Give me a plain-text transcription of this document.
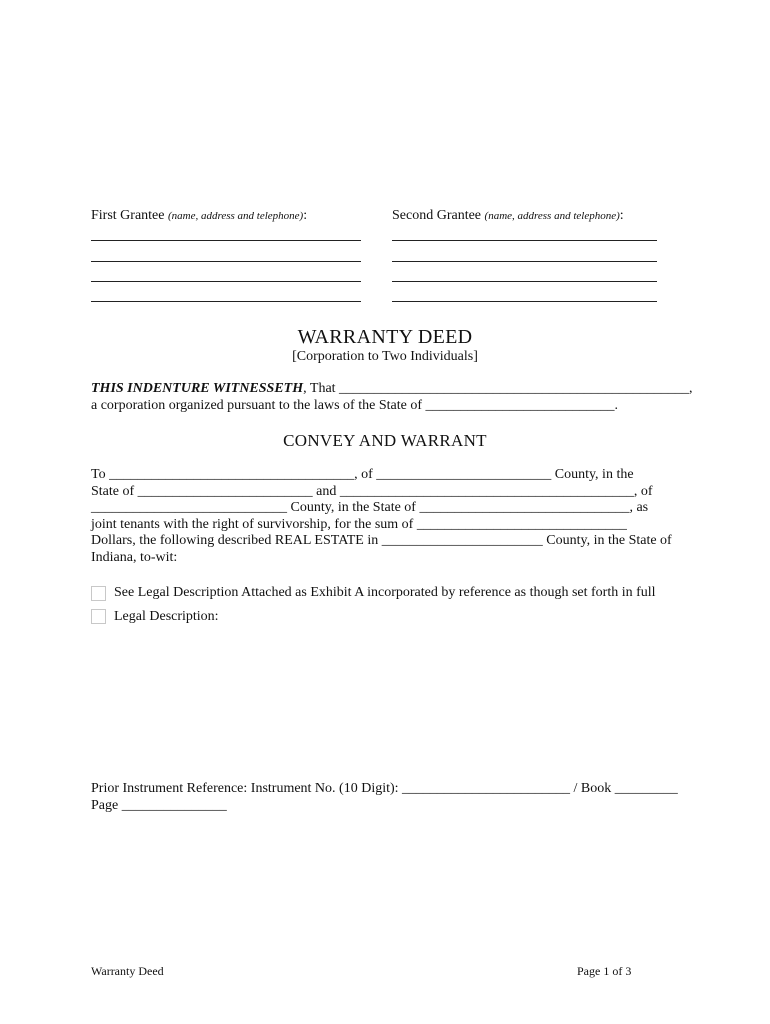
First Grantee (name, address and telephone):	Second Grantee (name, address and telephone):
WARRANTY DEED
[Corporation to Two Individuals]
THIS INDENTURE WITNESSETH, That __________________________________________________,
a corporation organized pursuant to the laws of the State of ___________________________.
CONVEY AND WARRANT
To ___________________________________, of _________________________ County, in the
State of _________________________ and __________________________________________, of
____________________________ County, in the State of ______________________________, as
joint tenants with the right of survivorship, for the sum of ______________________________
Dollars, the following described REAL ESTATE in _______________________ County, in the State of
Indiana, to-wit:
See Legal Description Attached as Exhibit A incorporated by reference as though set forth in full
Legal Description:
Prior Instrument Reference: Instrument No. (10 Digit): ________________________ / Book _________
Page _______________
Warranty Deed	Page 1 of 3
